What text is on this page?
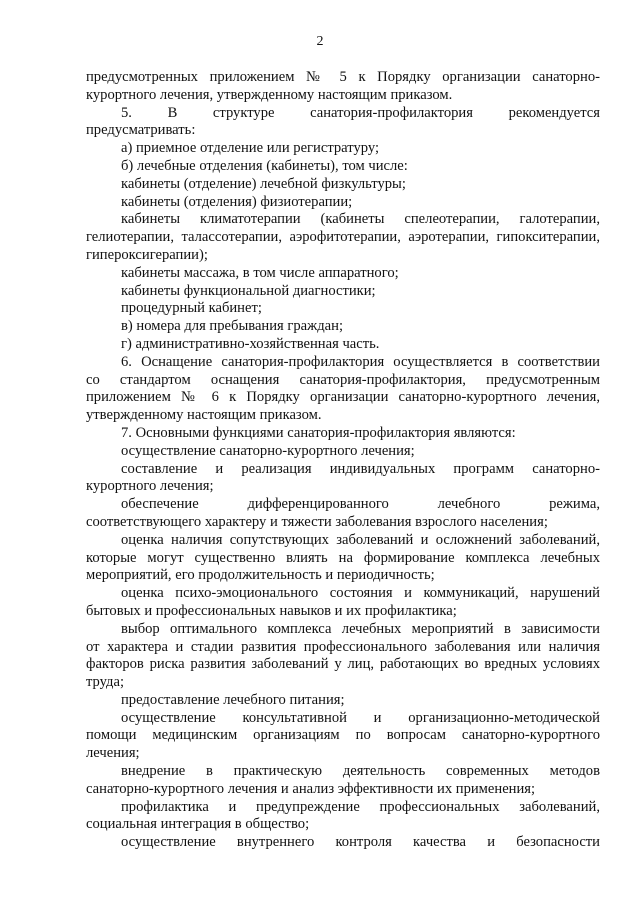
2
предусмотренных приложением № 5 к Порядку организации санаторно-
курортного лечения, утвержденному настоящим приказом.
5. В структуре санатория-профилактория рекомендуется
предусматривать:
а) приемное отделение или регистратуру;
б) лечебные отделения (кабинеты), том числе:
кабинеты (отделение) лечебной физкультуры;
кабинеты (отделения) физиотерапии;
кабинеты климатотерапии (кабинеты спелеотерапии, галотерапии,
гелиотерапии, талассотерапии, аэрофитотерапии, аэротерапии, гипокситерапии,
гипероксигерапии);
кабинеты массажа, в том числе аппаратного;
кабинеты функциональной диагностики;
процедурный кабинет;
в) номера для пребывания граждан;
г) административно-хозяйственная часть.
6. Оснащение санатория-профилактория осуществляется в соответствии
со стандартом оснащения санатория-профилактория, предусмотренным
приложением № 6 к Порядку организации санаторно-курортного лечения,
утвержденному настоящим приказом.
7. Основными функциями санатория-профилактория являются:
осуществление санаторно-курортного лечения;
составление и реализация индивидуальных программ санаторно-
курортного лечения;
обеспечение дифференцированного лечебного режима,
соответствующего характеру и тяжести заболевания взрослого населения;
оценка наличия сопутствующих заболеваний и осложнений заболеваний,
которые могут существенно влиять на формирование комплекса лечебных
мероприятий, его продолжительность и периодичность;
оценка психо-эмоционального состояния и коммуникаций, нарушений
бытовых и профессиональных навыков и их профилактика;
выбор оптимального комплекса лечебных мероприятий в зависимости
от характера и стадии развития профессионального заболевания или наличия
факторов риска развития заболеваний у лиц, работающих во вредных условиях
труда;
предоставление лечебного питания;
осуществление консультативной и организационно-методической
помощи медицинским организациям по вопросам санаторно-курортного
лечения;
внедрение в практическую деятельность современных методов
санаторно-курортного лечения и анализ эффективности их применения;
профилактика и предупреждение профессиональных заболеваний,
социальная интеграция в общество;
осуществление внутреннего контроля качества и безопасности
